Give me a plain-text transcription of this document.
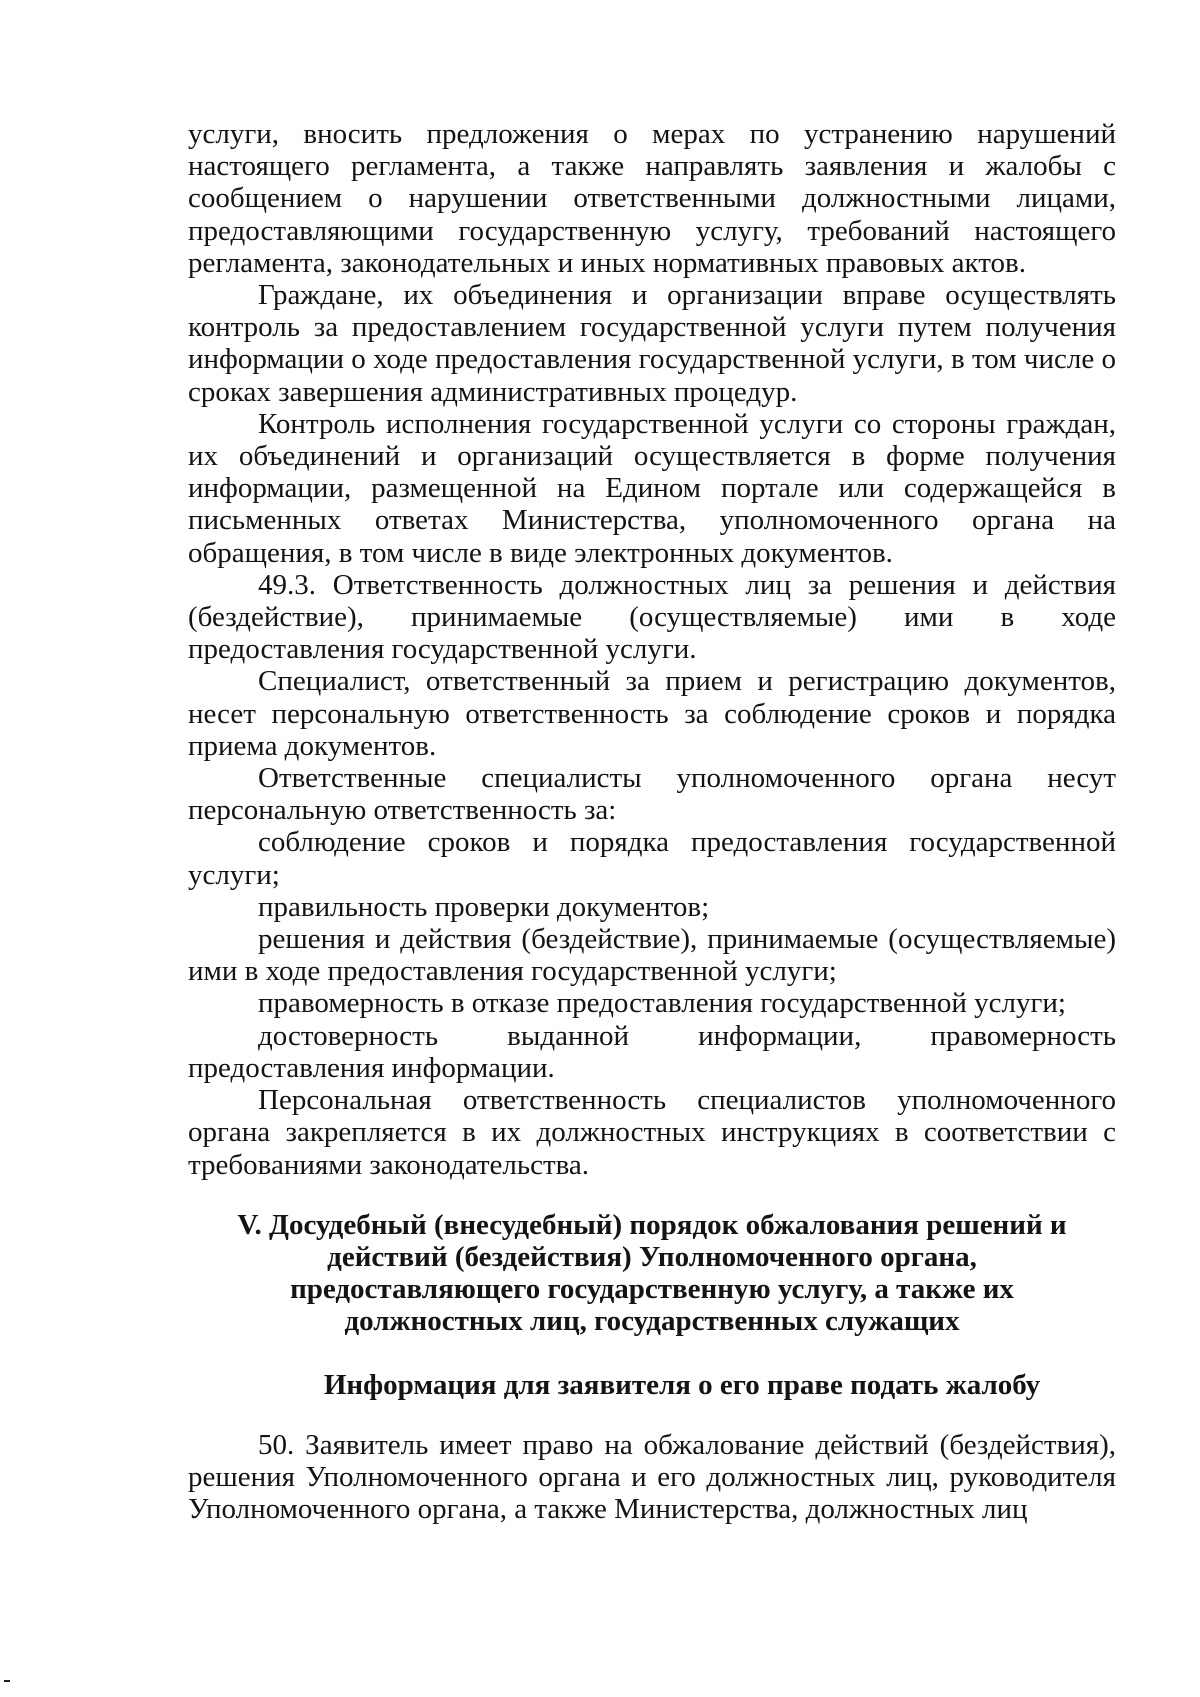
услуги, вносить предложения о мерах по устранению нарушений настоящего регламента, а также направлять заявления и жалобы с сообщением о нарушении ответственными должностными лицами, предоставляющими государственную услугу, требований настоящего регламента, законодательных и иных нормативных правовых актов.

Граждане, их объединения и организации вправе осуществлять контроль за предоставлением государственной услуги путем получения информации о ходе предоставления государственной услуги, в том числе о сроках завершения административных процедур.

Контроль исполнения государственной услуги со стороны граждан, их объединений и организаций осуществляется в форме получения информации, размещенной на Едином портале или содержащейся в письменных ответах Министерства, уполномоченного органа на обращения, в том числе в виде электронных документов.

49.3. Ответственность должностных лиц за решения и действия (бездействие), принимаемые (осуществляемые) ими в ходе предоставления государственной услуги.

Специалист, ответственный за прием и регистрацию документов, несет персональную ответственность за соблюдение сроков и порядка приема документов.

Ответственные специалисты уполномоченного органа несут персональную ответственность за:

соблюдение сроков и порядка предоставления государственной услуги;

правильность проверки документов;

решения и действия (бездействие), принимаемые (осуществляемые) ими в ходе предоставления государственной услуги;

правомерность в отказе предоставления государственной услуги;

достоверность выданной информации, правомерность предоставления информации.

Персональная ответственность специалистов уполномоченного органа закрепляется в их должностных инструкциях в соответствии с требованиями законодательства.

V. Досудебный (внесудебный) порядок обжалования решений и действий (бездействия) Уполномоченного органа, предоставляющего государственную услугу, а также их должностных лиц, государственных служащих
Информация для заявителя о его праве подать жалобу

50. Заявитель имеет право на обжалование действий (бездействия), решения Уполномоченного органа и его должностных лиц, руководителя Уполномоченного органа, а также Министерства, должностных лиц
